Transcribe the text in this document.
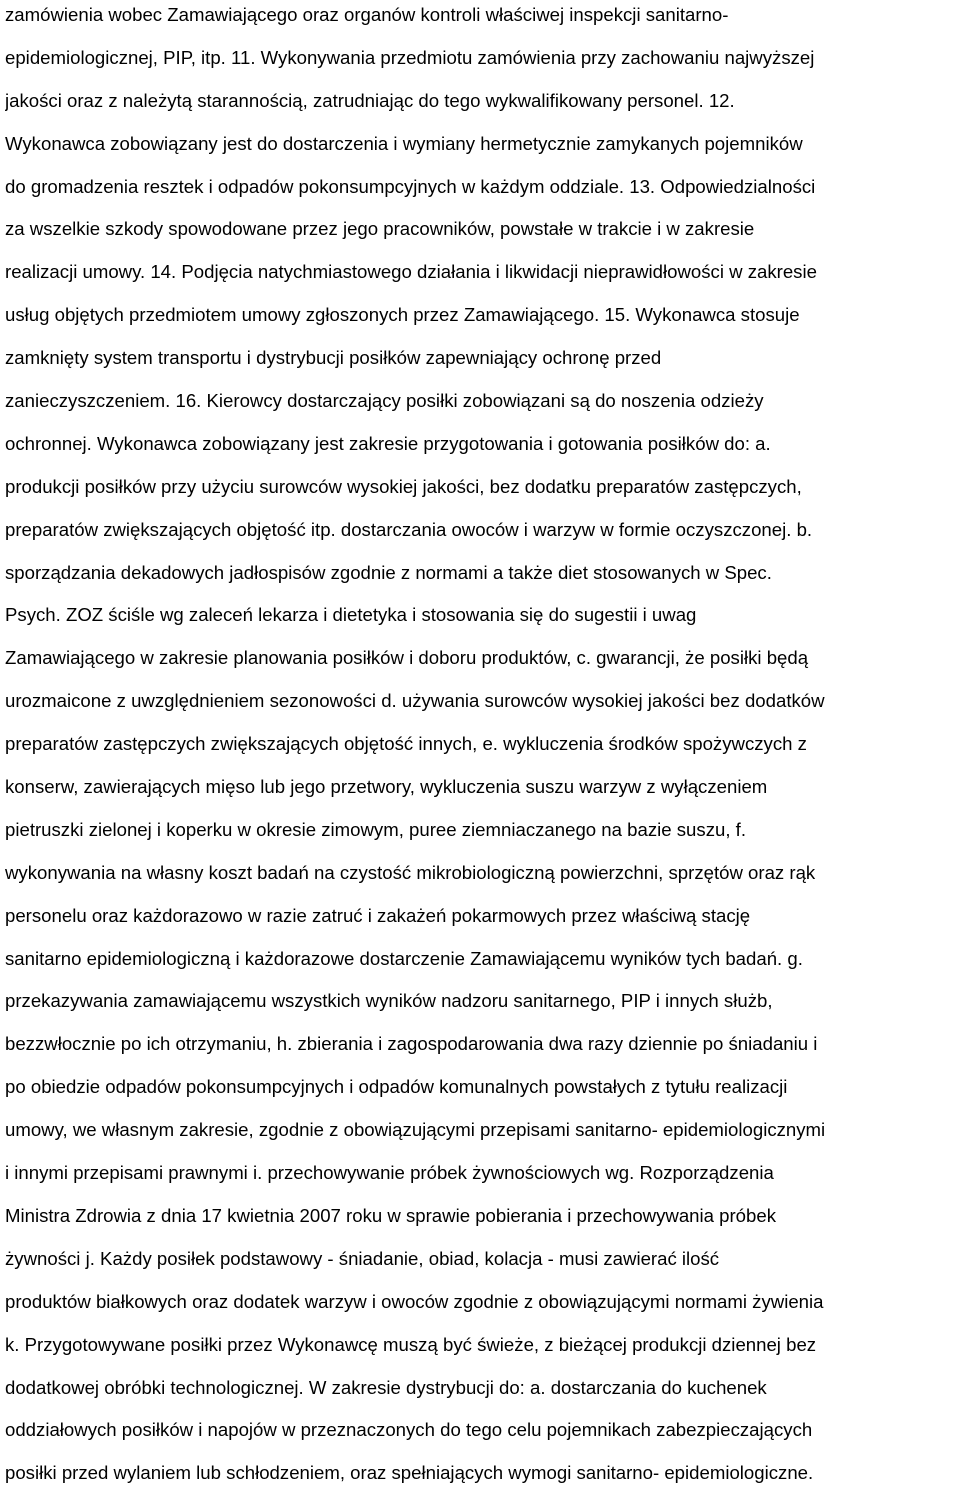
zamówienia wobec Zamawiającego oraz organów kontroli właściwej inspekcji sanitarno-
epidemiologicznej, PIP, itp. 11. Wykonywania przedmiotu zamówienia przy zachowaniu najwyższej
jakości oraz z należytą starannością, zatrudniając do tego wykwalifikowany personel. 12.
Wykonawca zobowiązany jest do dostarczenia i wymiany hermetycznie zamykanych pojemników
do gromadzenia resztek i odpadów pokonsumpcyjnych w każdym oddziale. 13. Odpowiedzialności
za wszelkie szkody spowodowane przez jego pracowników, powstałe w trakcie i w zakresie
realizacji umowy. 14. Podjęcia natychmiastowego działania i likwidacji nieprawidłowości w zakresie
usług objętych przedmiotem umowy zgłoszonych przez Zamawiającego. 15. Wykonawca stosuje
zamknięty system transportu i dystrybucji posiłków zapewniający ochronę przed
zanieczyszczeniem. 16. Kierowcy dostarczający posiłki zobowiązani są do noszenia odzieży
ochronnej. Wykonawca zobowiązany jest zakresie przygotowania i gotowania posiłków do: a.
produkcji posiłków przy użyciu surowców wysokiej jakości, bez dodatku preparatów zastępczych,
preparatów zwiększających objętość itp. dostarczania owoców i warzyw w formie oczyszczonej. b.
sporządzania dekadowych jadłospisów zgodnie z normami a także diet stosowanych w Spec.
Psych. ZOZ ściśle wg zaleceń lekarza i dietetyka i stosowania się do sugestii i uwag
Zamawiającego w zakresie planowania posiłków i doboru produktów, c. gwarancji, że posiłki będą
urozmaicone z uwzględnieniem sezonowości d. używania surowców wysokiej jakości bez dodatków
preparatów zastępczych zwiększających objętość innych, e. wykluczenia środków spożywczych z
konserw, zawierających mięso lub jego przetwory, wykluczenia suszu warzyw z wyłączeniem
pietruszki zielonej i koperku w okresie zimowym, puree ziemniaczanego na bazie suszu, f.
wykonywania na własny koszt badań na czystość mikrobiologiczną powierzchni, sprzętów oraz rąk
personelu oraz każdorazowo w razie zatruć i zakażeń pokarmowych przez właściwą stację
sanitarno epidemiologiczną i każdorazowe dostarczenie Zamawiającemu wyników tych badań. g.
przekazywania zamawiającemu wszystkich wyników nadzoru sanitarnego, PIP i innych służb,
bezzwłocznie po ich otrzymaniu, h. zbierania i zagospodarowania dwa razy dziennie po śniadaniu i
po obiedzie odpadów pokonsumpcyjnych i odpadów komunalnych powstałych z tytułu realizacji
umowy, we własnym zakresie, zgodnie z obowiązującymi przepisami sanitarno- epidemiologicznymi
i innymi przepisami prawnymi i. przechowywanie próbek żywnościowych wg. Rozporządzenia
Ministra Zdrowia z dnia 17 kwietnia 2007 roku w sprawie pobierania i przechowywania próbek
żywności j. Każdy posiłek podstawowy - śniadanie, obiad, kolacja - musi zawierać ilość
produktów białkowych oraz dodatek warzyw i owoców zgodnie z obowiązującymi normami żywienia
k. Przygotowywane posiłki przez Wykonawcę muszą być świeże, z bieżącej produkcji dziennej bez
dodatkowej obróbki technologicznej. W zakresie dystrybucji do: a. dostarczania do kuchenek
oddziałowych posiłków i napojów w przeznaczonych do tego celu pojemnikach zabezpieczających
posiłki przed wylaniem lub schłodzeniem, oraz spełniających wymogi sanitarno- epidemiologiczne.
